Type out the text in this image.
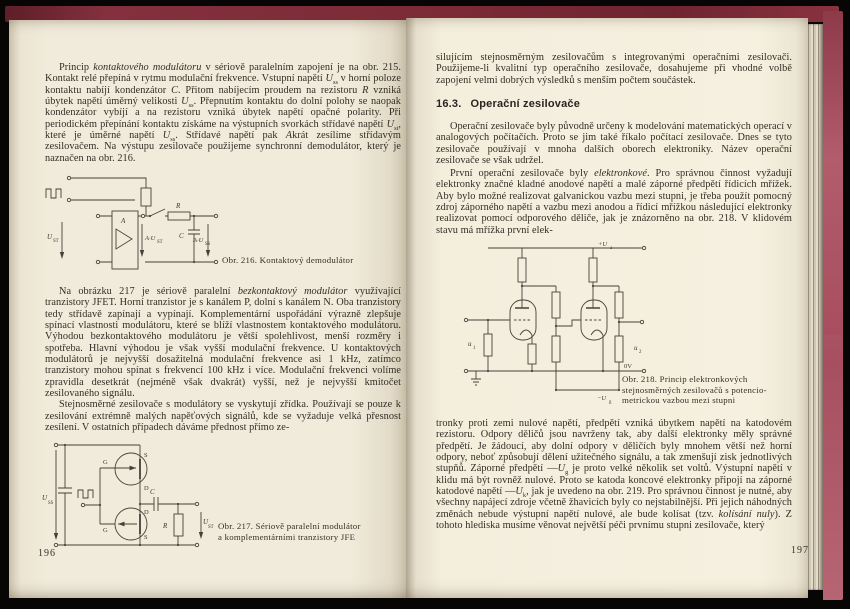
Princip kontaktového modulátoru v sériově paralelním zapojení je na obr. 215. Kontakt relé přepíná v rytmu modulační frekvence. Vstupní napětí $U_{ss}$ v horní poloze kontaktu nabíjí kondenzátor C. Přitom nabíjecím proudem na rezistoru R vzniká úbytek napětí úměrný velikosti $U_{ss}$. Přepnutím kontaktu do dolní polohy se naopak kondenzátor vybíjí a na rezistoru vzniká úbytek napětí opačné polarity. Při periodickém přepínání kontaktu získáme na výstupních svorkách střídavé napětí $U_{st}$, které je úměrné napětí $U_{ss}$. Střídavé napětí pak Akrát zesílíme střídavým zesilovačem. Na výstupu zesilovače použijeme synchronní demodulátor, který je naznačen na obr. 216.

A
U
ST	A·U
ST
R
C
A·U
SS
Obr. 216. Kontaktový demodulátor

Na obrázku 217 je sériově paralelní bezkontaktový modulátor využívající tranzistory JFET. Horní tranzistor je s kanálem P, dolní s kanálem N. Oba tranzistory tedy střídavě zapínají a vypínají. Komplementární uspořádání výrazně zlepšuje spínací vlastnosti modulátoru, které se blíží vlastnostem kontaktového modulátoru. Výhodou bezkontaktového modulátoru je větší spolehlivost, menší rozměry i spotřeba. Hlavní výhodou je však vyšší modulační frekvence. U kontaktových modulátorů je nejvyšší dosažitelná modulační frekvence asi 1 kHz, zatímco tranzistory mohou spínat s frekvencí 100 kHz i více. Modulační frekvenci volíme zpravidla desetkrát (nejméně však dvakrát) vyšší, než je nejvyšší kmitočet zesilovaného signálu.

Stejnosměrné zesilovače s modulátory se vyskytují zřídka. Používají se pouze k zesilování extrémně malých napěťových signálů, kde se vyžaduje velká přesnost zesílení. V ostatních případech dáváme přednost přímo ze-

U
SS
G
S
D
G
D
S
C
R	U
ST Obr. 217. Sériově paralelní modulátor
a komplementárními tranzistory JFE
196

silujícím stejnosměrným zesilovačům s integrovanými operačními zesilovači. Použijeme-li kvalitní typ operačního zesilovače, dosahujeme při vhodné volbě zapojení velmi dobrých výsledků s menším počtem součástek.

16.3. Operační zesilovače

Operační zesilovače byly původně určeny k modelování matematických operací v analogových počítačích. Proto se jim také říkalo počítací zesilovače. Dnes se tyto zesilovače používají v mnoha dalších oborech elektroniky. Název operační zesilovače se však udržel.

První operační zesilovače byly elektronkové. Pro správnou činnost vyžadují elektronky značné kladné anodové napětí a malé záporné předpětí řídicích mřížek. Aby bylo možné realizovat galvanickou vazbu mezi stupni, je třeba použít pomocný zdroj záporného napětí a vazbu mezi anodou a řídicí mřížkou následující elektronky realizovat pomocí odporového děliče, jak je znázorněno na obr. 218. V klidovém stavu má mřížka první elek-

+U
a
u
1	u
2
0V
−U
g
Obr. 218. Princip elektronkových
stejnosměrných zesilovačů s potencio-
metrickou vazbou mezi stupni

tronky proti zemi nulové napětí, předpětí vzniká úbytkem napětí na katodovém rezistoru. Odpory děličů jsou navrženy tak, aby další elektronky měly správné předpětí. Je žádoucí, aby dolní odpory v děličích byly mnohem větší než horní odpory, neboť způsobují dělení užitečného signálu, a tak zmenšují zisk jednotlivých stupňů. Záporné předpětí $—U_g$ je proto velké několik set voltů. Výstupní napětí v klidu má být rovněž nulové. Proto se katoda koncové elektronky připojí na záporné katodové napětí $—U_k$, jak je uvedeno na obr. 219. Pro správnou činnost je nutné, aby všechny napájecí zdroje včetně žhavicích byly co nejstabilnější. Při jejich náhodných změnách nebude výstupní napětí nulové, ale bude kolísat (tzv. kolísání nuly). Z tohoto hlediska musíme věnovat největší péči prvnímu stupni zesilovače, který

197
